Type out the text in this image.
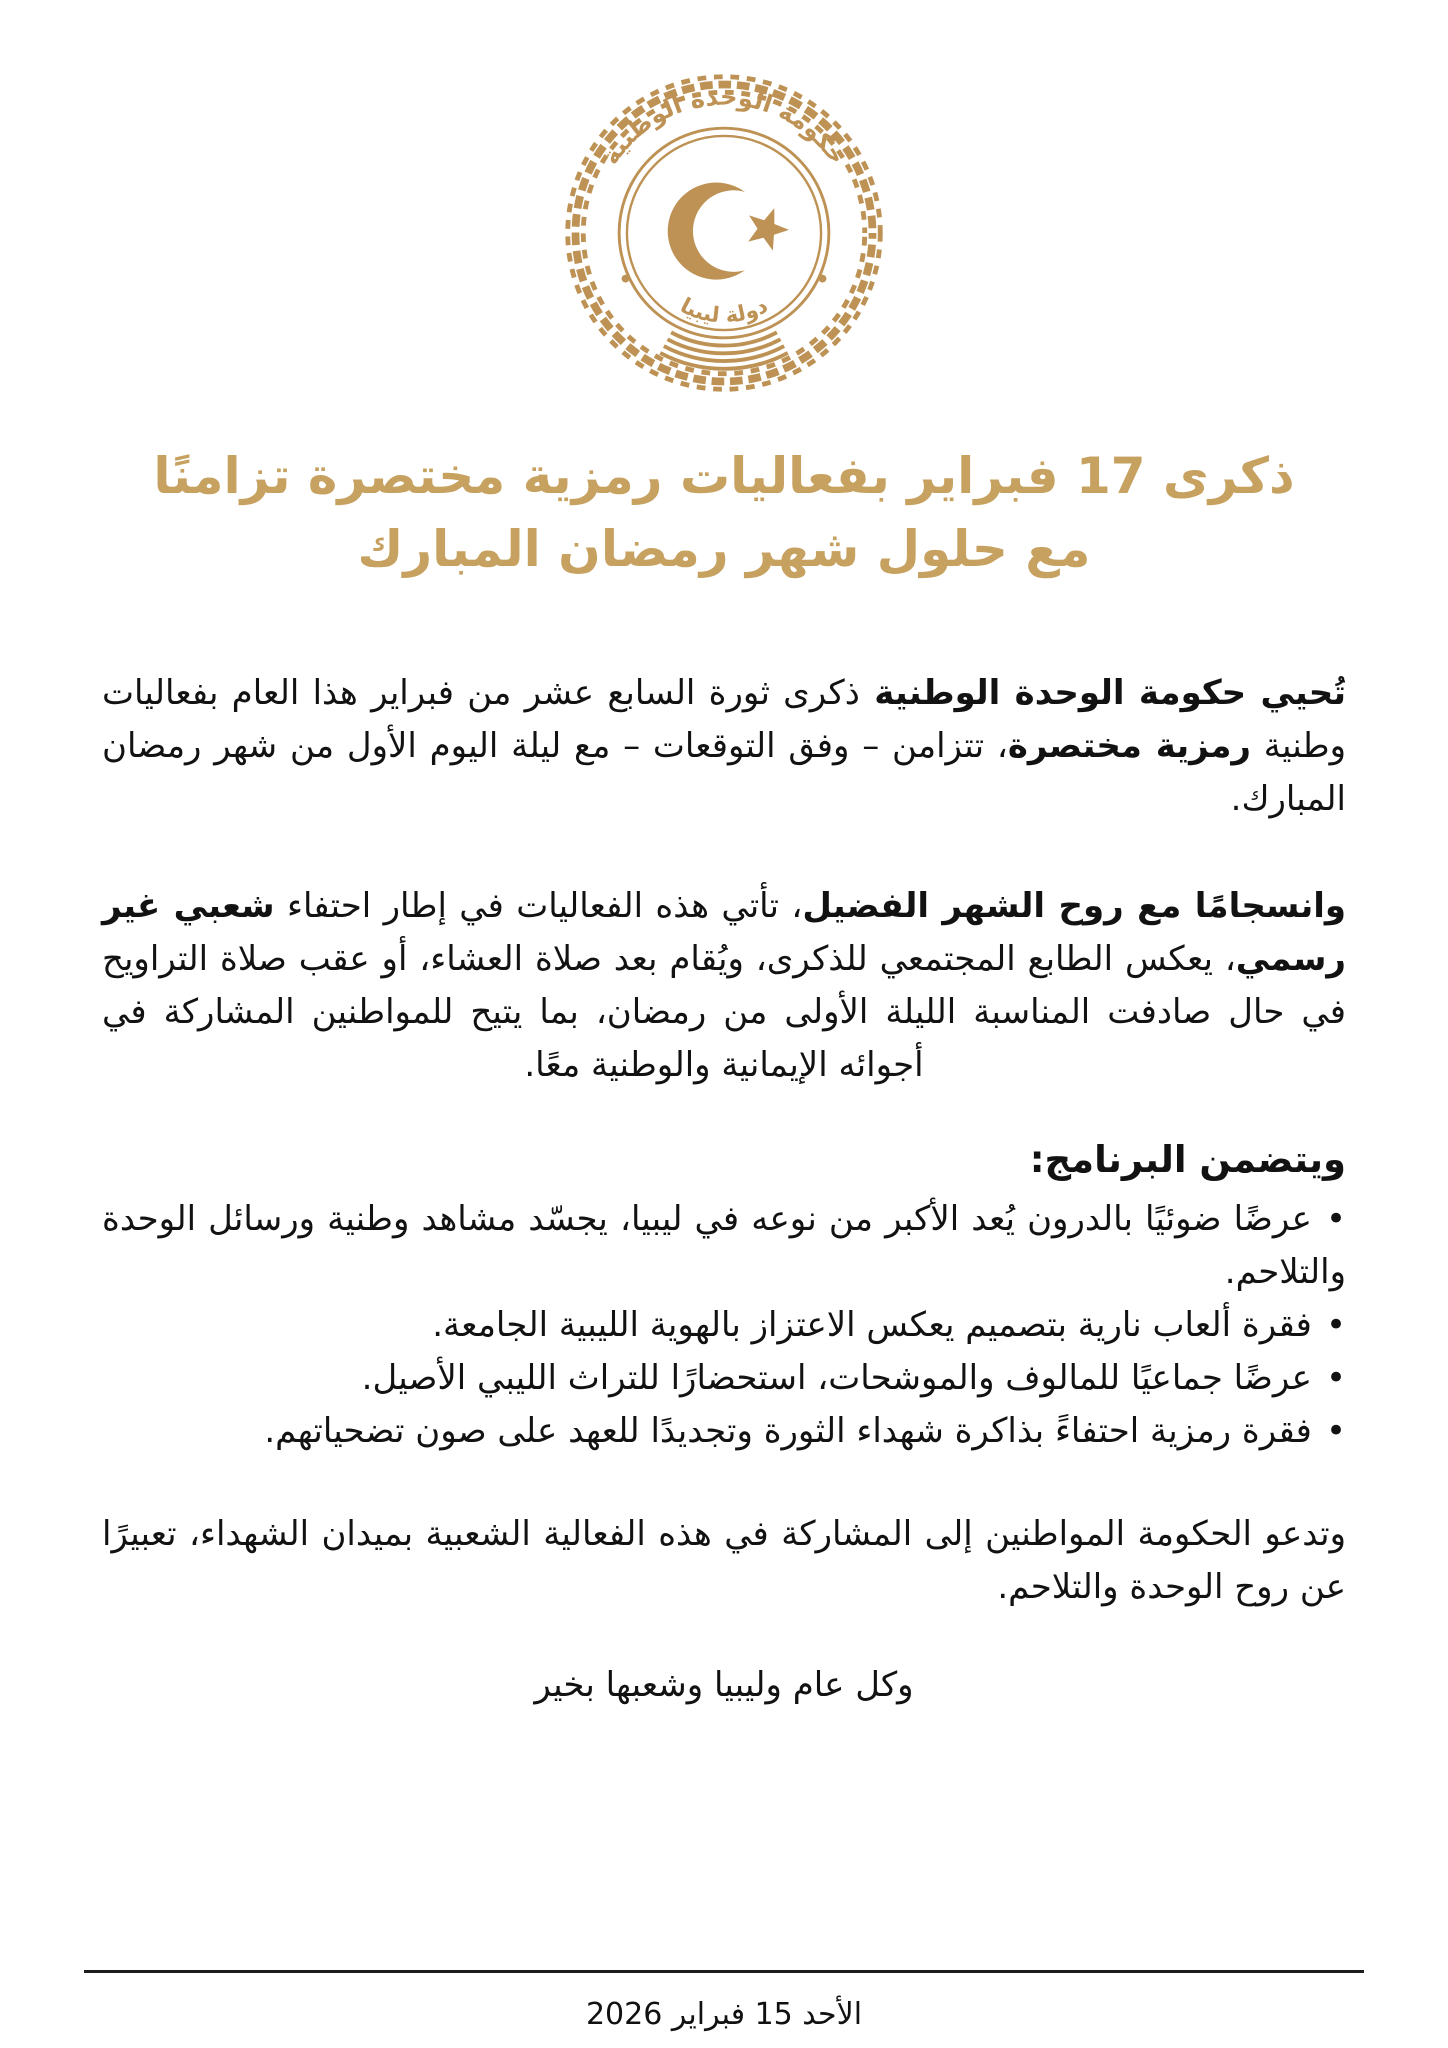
حكومة الوحدة الوطنية
دولة ليبيا
ذكرى 17 فبراير بفعاليات رمزية مختصرة تزامنًا
مع حلول شهر رمضان المبارك

تُحيي حكومة الوحدة الوطنية ذكرى ثورة السابع عشر من فبراير هذا العام بفعاليات وطنية رمزية مختصرة، تتزامن – وفق التوقعات – مع ليلة اليوم الأول من شهر رمضان المبارك.

وانسجامًا مع روح الشهر الفضيل، تأتي هذه الفعاليات في إطار احتفاء شعبي غير رسمي، يعكس الطابع المجتمعي للذكرى، ويُقام بعد صلاة العشاء، أو عقب صلاة التراويح في حال صادفت المناسبة الليلة الأولى من رمضان، بما يتيح للمواطنين المشاركة في أجوائه الإيمانية والوطنية معًا.

ويتضمن البرنامج:

•عرضًا ضوئيًا بالدرون يُعد الأكبر من نوعه في ليبيا، يجسّد مشاهد وطنية ورسائل الوحدة والتلاحم.

•فقرة ألعاب نارية بتصميم يعكس الاعتزاز بالهوية الليبية الجامعة.

•عرضًا جماعيًا للمالوف والموشحات، استحضارًا للتراث الليبي الأصيل.

•فقرة رمزية احتفاءً بذاكرة شهداء الثورة وتجديدًا للعهد على صون تضحياتهم.

وتدعو الحكومة المواطنين إلى المشاركة في هذه الفعالية الشعبية بميدان الشهداء، تعبيرًا عن روح الوحدة والتلاحم.

وكل عام وليبيا وشعبها بخير

الأحد 15 فبراير 2026
